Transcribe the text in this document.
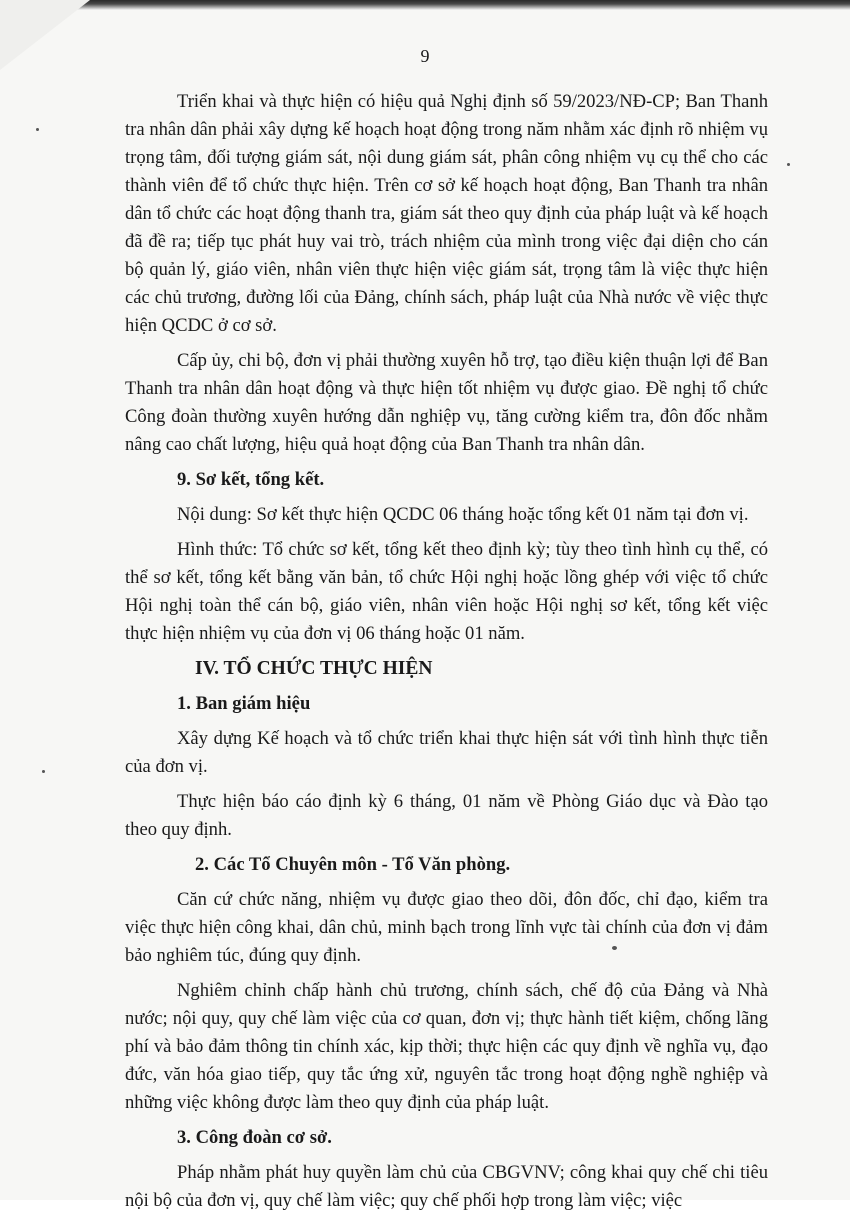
9

Triển khai và thực hiện có hiệu quả Nghị định số 59/2023/NĐ-CP; Ban Thanh tra nhân dân phải xây dựng kế hoạch hoạt động trong năm nhằm xác định rõ nhiệm vụ trọng tâm, đối tượng giám sát, nội dung giám sát, phân công nhiệm vụ cụ thể cho các thành viên để tổ chức thực hiện. Trên cơ sở kế hoạch hoạt động, Ban Thanh tra nhân dân tổ chức các hoạt động thanh tra, giám sát theo quy định của pháp luật và kế hoạch đã đề ra; tiếp tục phát huy vai trò, trách nhiệm của mình trong việc đại diện cho cán bộ quản lý, giáo viên, nhân viên thực hiện việc giám sát, trọng tâm là việc thực hiện các chủ trương, đường lối của Đảng, chính sách, pháp luật của Nhà nước về việc thực hiện QCDC ở cơ sở.

Cấp ủy, chi bộ, đơn vị phải thường xuyên hỗ trợ, tạo điều kiện thuận lợi để Ban Thanh tra nhân dân hoạt động và thực hiện tốt nhiệm vụ được giao. Đề nghị tổ chức Công đoàn thường xuyên hướng dẫn nghiệp vụ, tăng cường kiểm tra, đôn đốc nhằm nâng cao chất lượng, hiệu quả hoạt động của Ban Thanh tra nhân dân.

9. Sơ kết, tổng kết.

Nội dung: Sơ kết thực hiện QCDC 06 tháng hoặc tổng kết 01 năm tại đơn vị.

Hình thức: Tổ chức sơ kết, tổng kết theo định kỳ; tùy theo tình hình cụ thể, có thể sơ kết, tổng kết bằng văn bản, tổ chức Hội nghị hoặc lồng ghép với việc tổ chức Hội nghị toàn thể cán bộ, giáo viên, nhân viên hoặc Hội nghị sơ kết, tổng kết việc thực hiện nhiệm vụ của đơn vị 06 tháng hoặc 01 năm.

IV. TỔ CHỨC THỰC HIỆN

1. Ban giám hiệu

Xây dựng Kế hoạch và tổ chức triển khai thực hiện sát với tình hình thực tiễn của đơn vị.

Thực hiện báo cáo định kỳ 6 tháng, 01 năm về Phòng Giáo dục và Đào tạo theo quy định.

2. Các Tổ Chuyên môn - Tổ Văn phòng.

Căn cứ chức năng, nhiệm vụ được giao theo dõi, đôn đốc, chỉ đạo, kiểm tra việc thực hiện công khai, dân chủ, minh bạch trong lĩnh vực tài chính của đơn vị đảm bảo nghiêm túc, đúng quy định.

Nghiêm chỉnh chấp hành chủ trương, chính sách, chế độ của Đảng và Nhà nước; nội quy, quy chế làm việc của cơ quan, đơn vị; thực hành tiết kiệm, chống lãng phí và bảo đảm thông tin chính xác, kịp thời; thực hiện các quy định về nghĩa vụ, đạo đức, văn hóa giao tiếp, quy tắc ứng xử, nguyên tắc trong hoạt động nghề nghiệp và những việc không được làm theo quy định của pháp luật.

3. Công đoàn cơ sở.

Pháp nhằm phát huy quyền làm chủ của CBGVNV; công khai quy chế chi tiêu nội bộ của đơn vị, quy chế làm việc; quy chế phối hợp trong làm việc; việc
